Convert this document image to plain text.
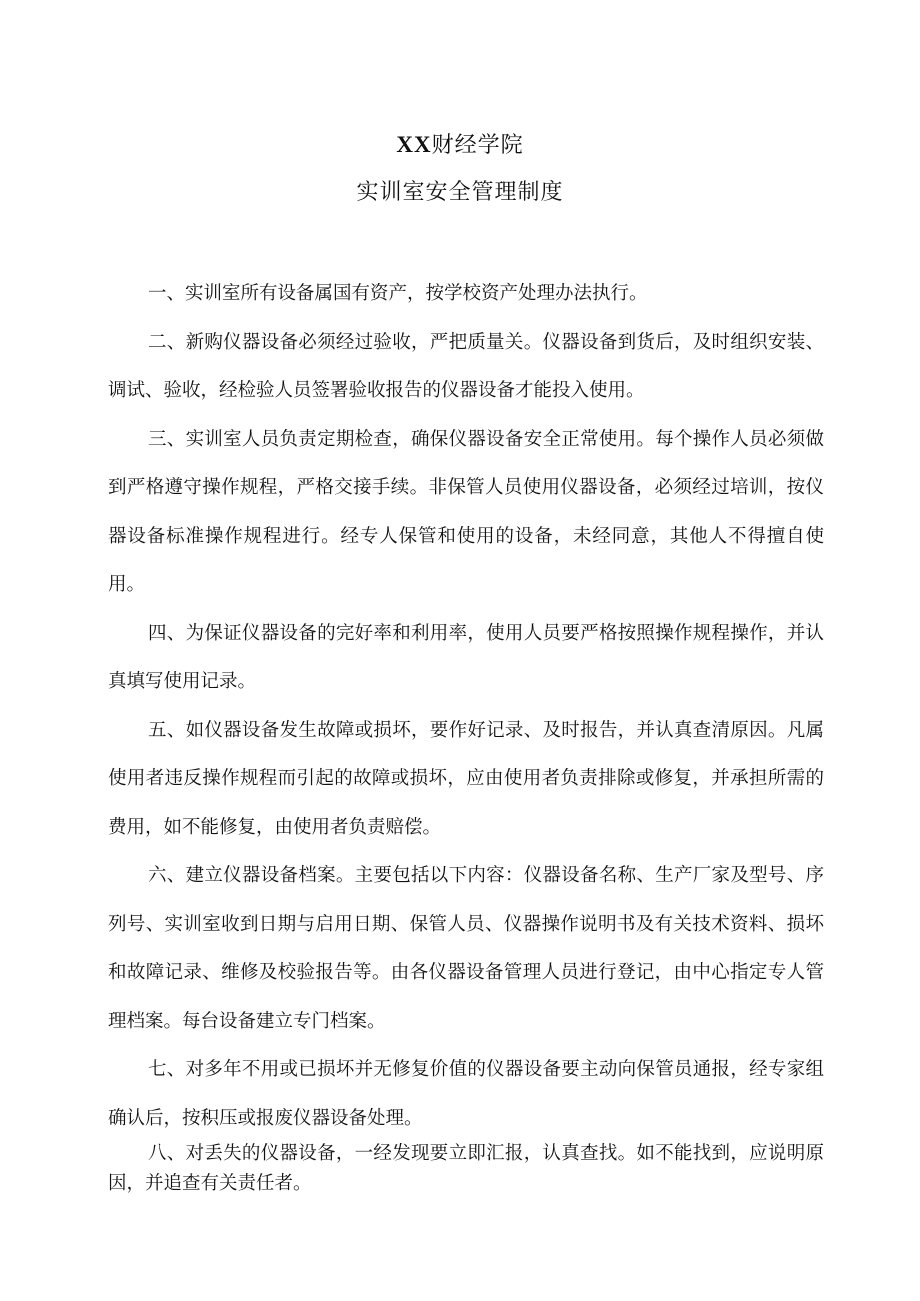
XX财经学院
实训室安全管理制度

一、实训室所有设备属国有资产，按学校资产处理办法执行。

二、新购仪器设备必须经过验收，严把质量关。仪器设备到货后，及时组织安装、调试、验收，经检验人员签署验收报告的仪器设备才能投入使用。

三、实训室人员负责定期检查，确保仪器设备安全正常使用。每个操作人员必须做到严格遵守操作规程，严格交接手续。非保管人员使用仪器设备，必须经过培训，按仪器设备标准操作规程进行。经专人保管和使用的设备，未经同意，其他人不得擅自使用。

四、为保证仪器设备的完好率和利用率，使用人员要严格按照操作规程操作，并认真填写使用记录。

五、如仪器设备发生故障或损坏，要作好记录、及时报告，并认真查清原因。凡属使用者违反操作规程而引起的故障或损坏，应由使用者负责排除或修复，并承担所需的费用，如不能修复，由使用者负责赔偿。

六、建立仪器设备档案。主要包括以下内容：仪器设备名称、生产厂家及型号、序列号、实训室收到日期与启用日期、保管人员、仪器操作说明书及有关技术资料、损坏和故障记录、维修及校验报告等。由各仪器设备管理人员进行登记，由中心指定专人管理档案。每台设备建立专门档案。

七、对多年不用或已损坏并无修复价值的仪器设备要主动向保管员通报，经专家组确认后，按积压或报废仪器设备处理。

八、对丢失的仪器设备，一经发现要立即汇报，认真查找。如不能找到，应说明原因，并追查有关责任者。
